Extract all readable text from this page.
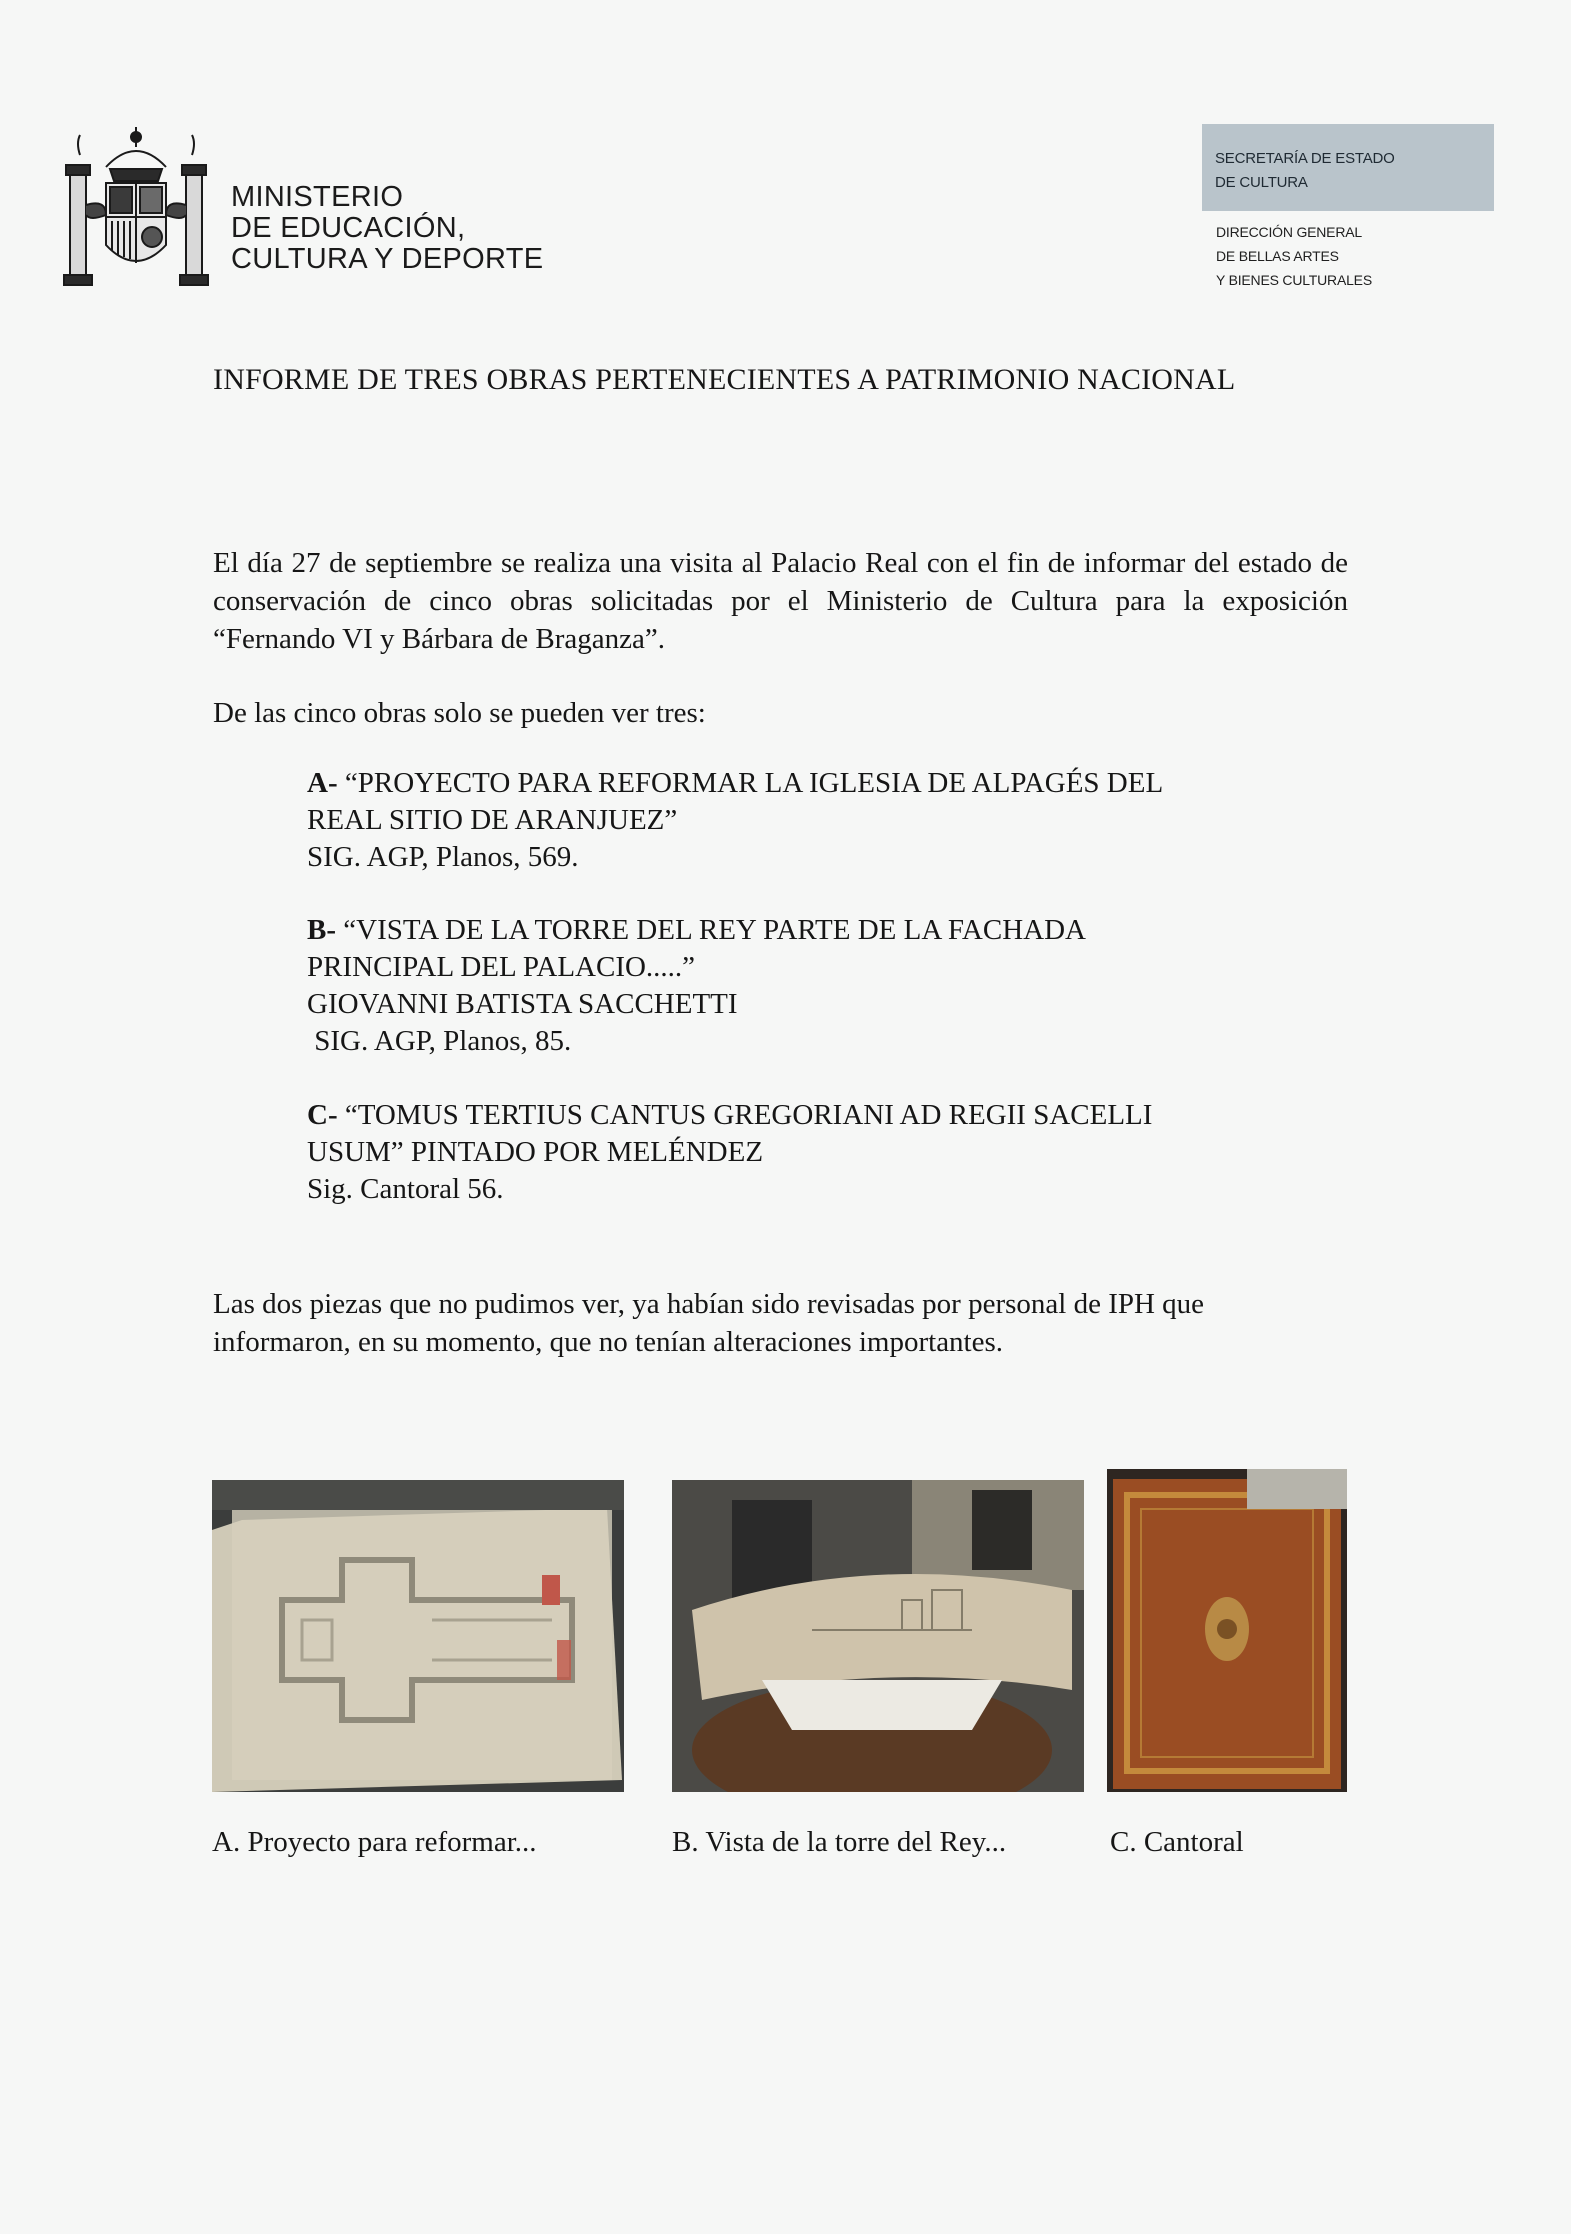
MINISTERIO
DE EDUCACIÓN,
CULTURA Y DEPORTE
SECRETARÍA DE ESTADO
DE CULTURA
DIRECCIÓN GENERAL
DE BELLAS ARTES
Y BIENES CULTURALES
INFORME DE TRES OBRAS PERTENECIENTES A PATRIMONIO NACIONAL
El día 27 de septiembre se realiza una visita al Palacio Real con el fin de informar del estado de conservación de cinco obras solicitadas por el Ministerio de Cultura para la exposición “Fernando VI y Bárbara de Braganza”.
De las cinco obras solo se pueden ver tres:
A- “PROYECTO PARA REFORMAR LA IGLESIA DE ALPAGÉS DEL
REAL SITIO DE ARANJUEZ”
SIG. AGP, Planos, 569.
B- “VISTA DE LA TORRE DEL REY PARTE DE LA FACHADA
PRINCIPAL DEL PALACIO.....”
GIOVANNI BATISTA SACCHETTI
SIG. AGP, Planos, 85.
C- “TOMUS TERTIUS CANTUS GREGORIANI AD REGII SACELLI
USUM” PINTADO POR MELÉNDEZ
Sig. Cantoral 56.
Las dos piezas que no pudimos ver, ya habían sido revisadas por personal de IPH que informaron, en su momento, que no tenían alteraciones importantes.
A. Proyecto para reformar...	B. Vista de la torre del Rey...	C. Cantoral
